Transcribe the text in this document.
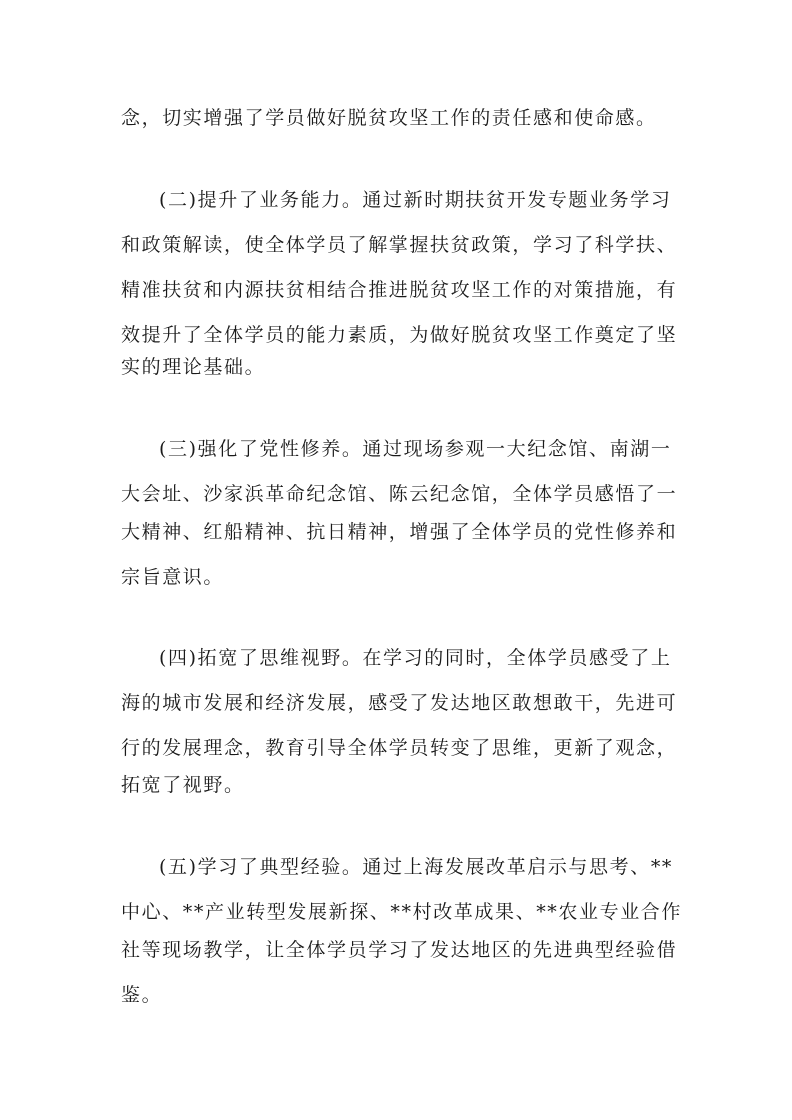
念，切实增强了学员做好脱贫攻坚工作的责任感和使命感。
(二)提升了业务能力。通过新时期扶贫开发专题业务学习
和政策解读，使全体学员了解掌握扶贫政策，学习了科学扶、
精准扶贫和内源扶贫相结合推进脱贫攻坚工作的对策措施，有
效提升了全体学员的能力素质，为做好脱贫攻坚工作奠定了坚
实的理论基础。
(三)强化了党性修养。通过现场参观一大纪念馆、南湖一
大会址、沙家浜革命纪念馆、陈云纪念馆，全体学员感悟了一
大精神、红船精神、抗日精神，增强了全体学员的党性修养和
宗旨意识。
(四)拓宽了思维视野。在学习的同时，全体学员感受了上
海的城市发展和经济发展，感受了发达地区敢想敢干，先进可
行的发展理念，教育引导全体学员转变了思维，更新了观念，
拓宽了视野。
(五)学习了典型经验。通过上海发展改革启示与思考、**
中心、**产业转型发展新探、**村改革成果、**农业专业合作
社等现场教学，让全体学员学习了发达地区的先进典型经验借
鉴。
